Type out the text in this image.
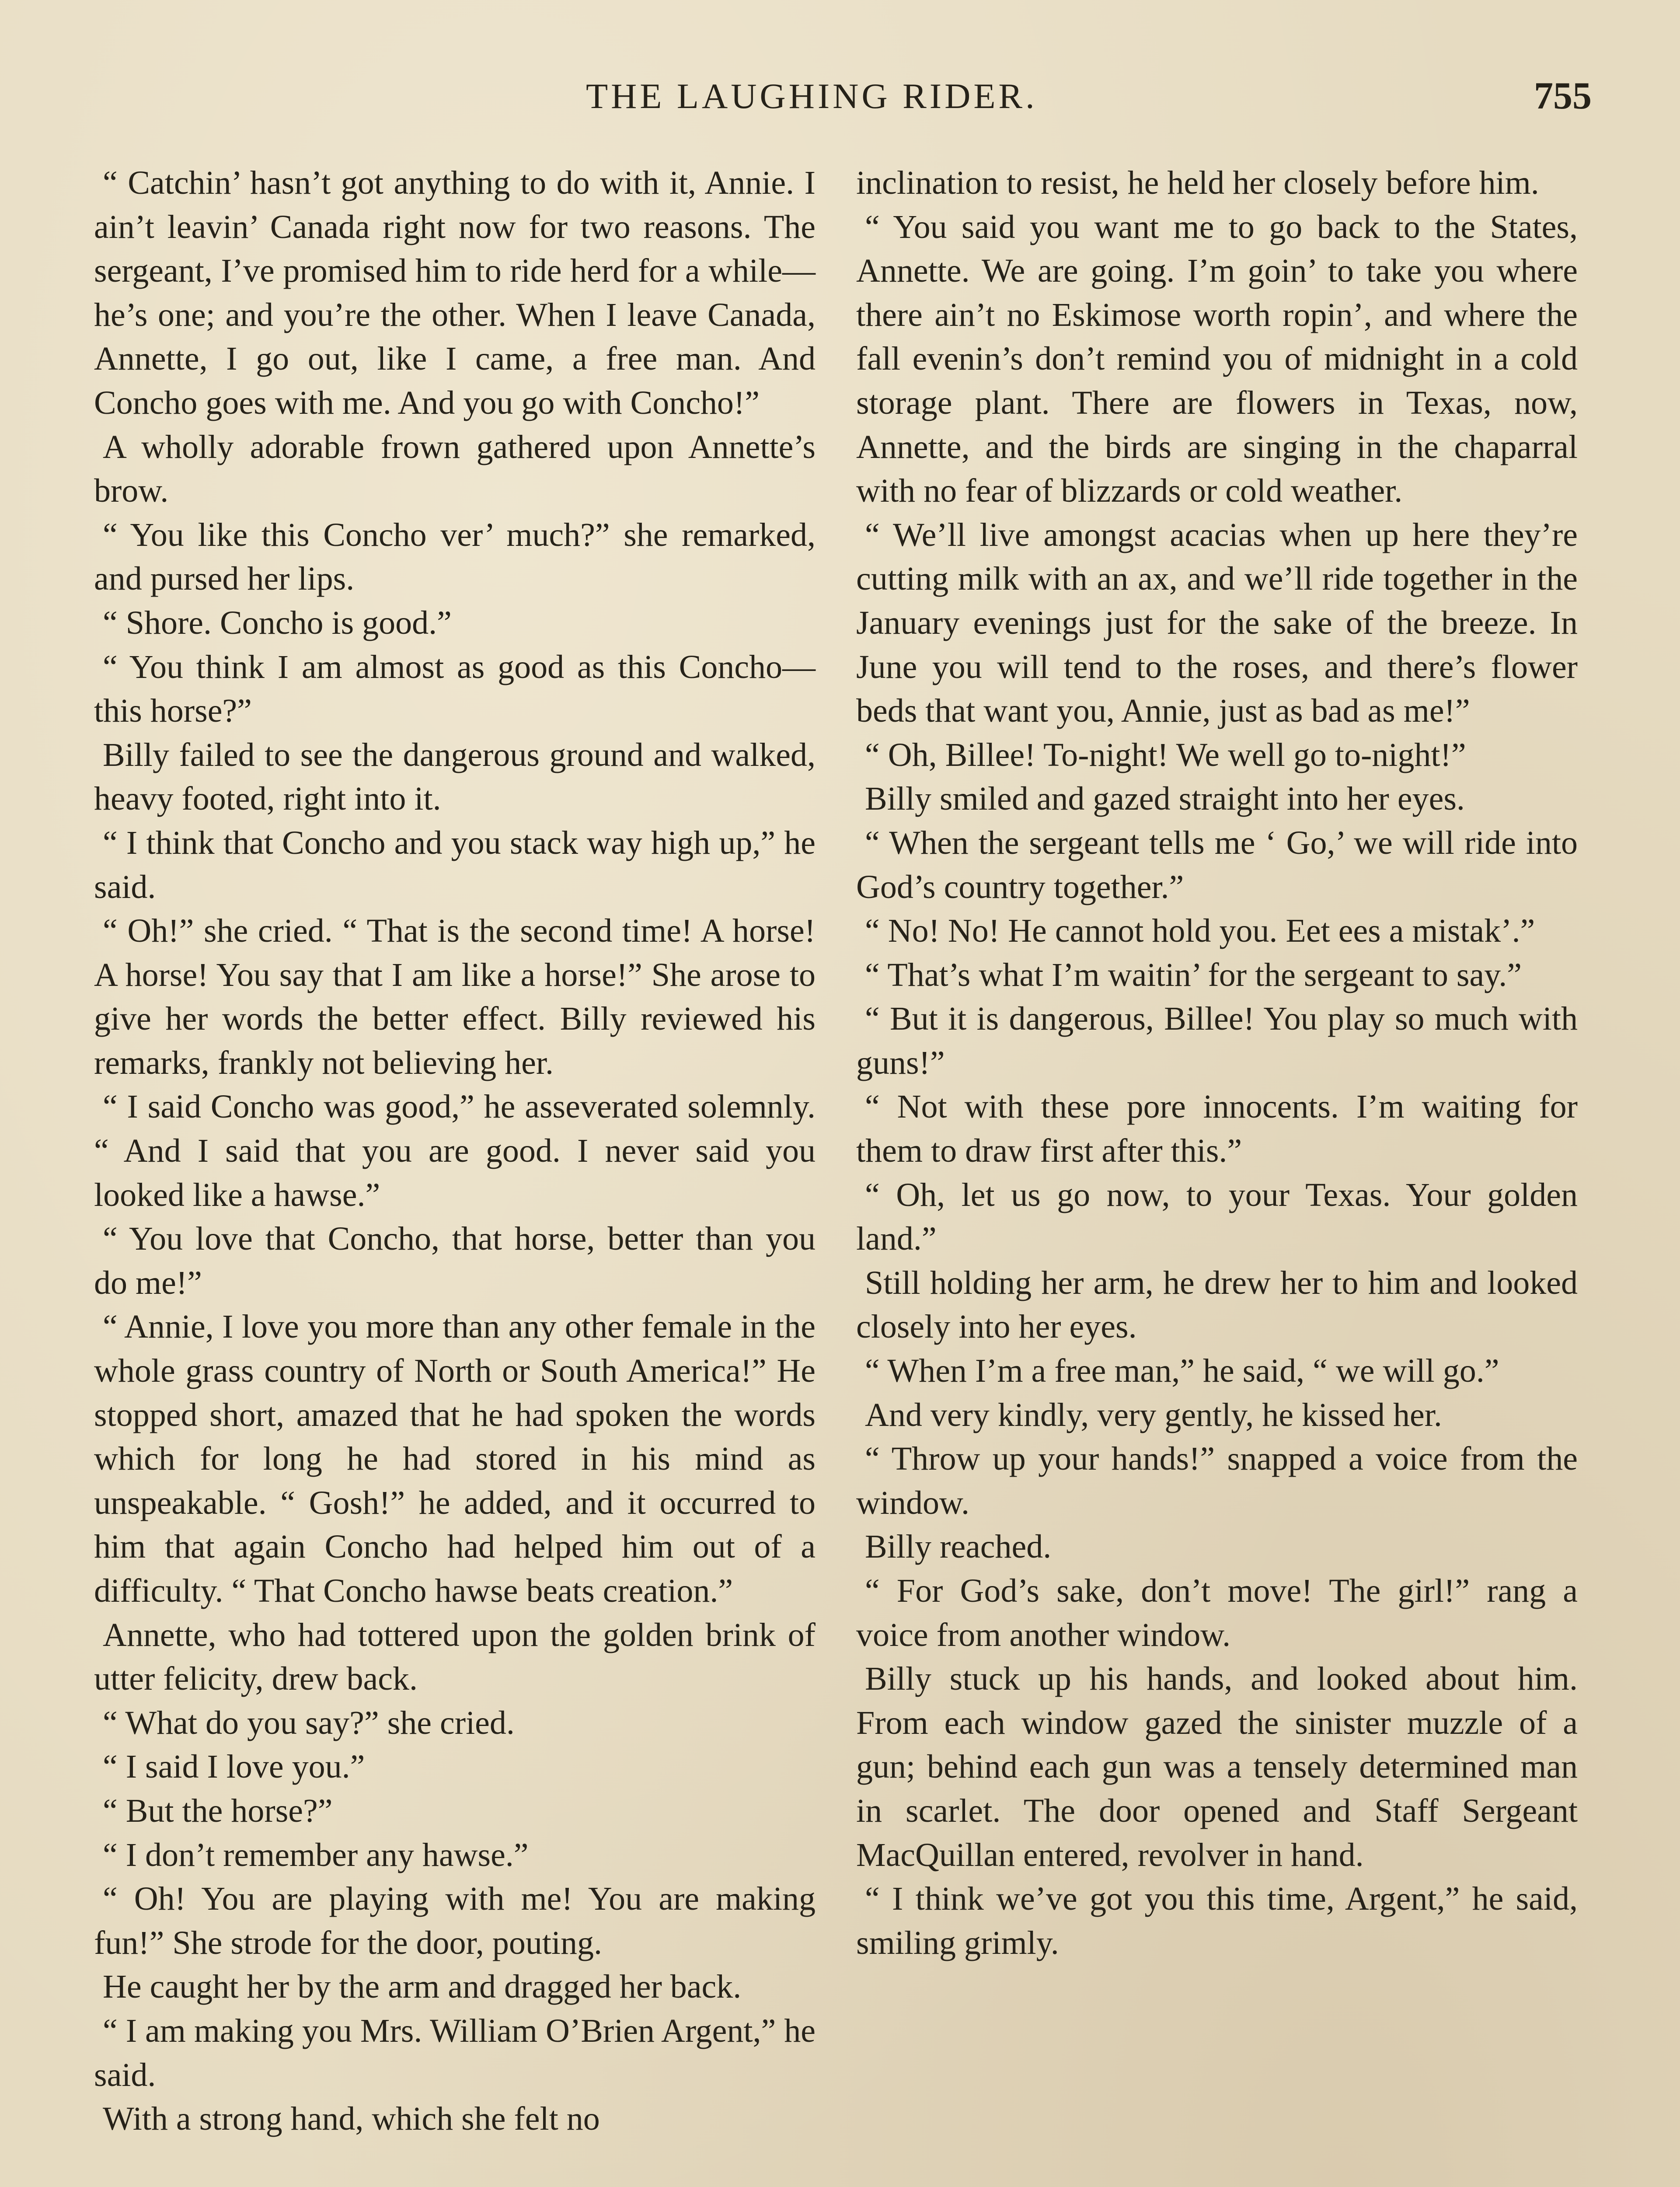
THE LAUGHING RIDER.	755

“ Catchin’ hasn’t got anything to do with it, Annie. I ain’t leavin’ Canada right now for two reasons. The sergeant, I’ve promised him to ride herd for a while—he’s one; and you’re the other. When I leave Canada, Annette, I go out, like I came, a free man. And Concho goes with me. And you go with Concho!”

A wholly adorable frown gathered upon Annette’s brow.

“ You like this Concho ver’ much?” she remarked, and pursed her lips.

“ Shore. Concho is good.”

“ You think I am almost as good as this Concho—this horse?”

Billy failed to see the dangerous ground and walked, heavy footed, right into it.

“ I think that Concho and you stack way high up,” he said.

“ Oh!” she cried. “ That is the second time! A horse! A horse! You say that I am like a horse!” She arose to give her words the better effect. Billy reviewed his remarks, frankly not believing her.

“ I said Concho was good,” he asseverated solemnly. “ And I said that you are good. I never said you looked like a hawse.”

“ You love that Concho, that horse, better than you do me!”

“ Annie, I love you more than any other female in the whole grass country of North or South America!” He stopped short, amazed that he had spoken the words which for long he had stored in his mind as unspeakable. “ Gosh!” he added, and it occurred to him that again Concho had helped him out of a difficulty. “ That Concho hawse beats creation.”

Annette, who had tottered upon the golden brink of utter felicity, drew back.

“ What do you say?” she cried.

“ I said I love you.”

“ But the horse?”

“ I don’t remember any hawse.”

“ Oh! You are playing with me! You are making fun!” She strode for the door, pouting.

He caught her by the arm and dragged her back.

“ I am making you Mrs. William O’Brien Argent,” he said.

With a strong hand, which she felt no

inclination to resist, he held her closely before him.

“ You said you want me to go back to the States, Annette. We are going. I’m goin’ to take you where there ain’t no Eskimose worth ropin’, and where the fall evenin’s don’t remind you of midnight in a cold storage plant. There are flowers in Texas, now, Annette, and the birds are singing in the chaparral with no fear of blizzards or cold weather.

“ We’ll live amongst acacias when up here they’re cutting milk with an ax, and we’ll ride together in the January evenings just for the sake of the breeze. In June you will tend to the roses, and there’s flower beds that want you, Annie, just as bad as me!”

“ Oh, Billee! To-night! We well go to-night!”

Billy smiled and gazed straight into her eyes.

“ When the sergeant tells me ‘ Go,’ we will ride into God’s country together.”

“ No! No! He cannot hold you. Eet ees a mistak’.”

“ That’s what I’m waitin’ for the sergeant to say.”

“ But it is dangerous, Billee! You play so much with guns!”

“ Not with these pore innocents. I’m waiting for them to draw first after this.”

“ Oh, let us go now, to your Texas. Your golden land.”

Still holding her arm, he drew her to him and looked closely into her eyes.

“ When I’m a free man,” he said, “ we will go.”

And very kindly, very gently, he kissed her.

“ Throw up your hands!” snapped a voice from the window.

Billy reached.

“ For God’s sake, don’t move! The girl!” rang a voice from another window.

Billy stuck up his hands, and looked about him. From each window gazed the sinister muzzle of a gun; behind each gun was a tensely determined man in scarlet. The door opened and Staff Sergeant MacQuillan entered, revolver in hand.

“ I think we’ve got you this time, Argent,” he said, smiling grimly.
